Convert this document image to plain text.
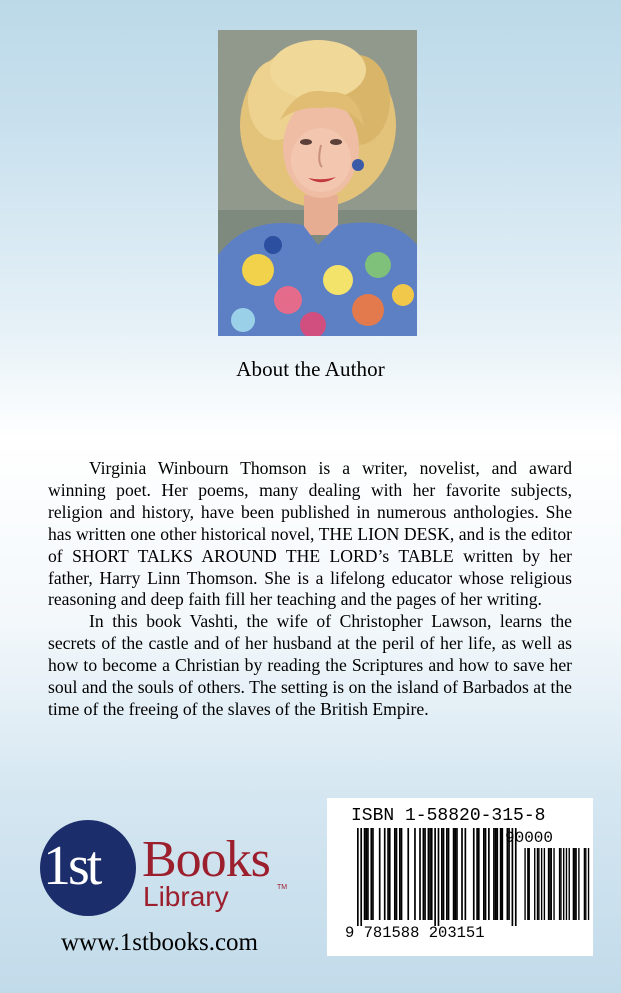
About the Author

Virginia Winbourn Thomson is a writer, novelist, and award winning poet. Her poems, many dealing with her favorite subjects, religion and history, have been published in numerous anthologies. She has written one other historical novel, THE LION DESK, and is the editor of SHORT TALKS AROUND THE LORD’s TABLE written by her father, Harry Linn Thomson. She is a lifelong educator whose religious reasoning and deep faith fill her teaching and the pages of her writing.

In this book Vashti, the wife of Christopher Lawson, learns the secrets of the castle and of her husband at the peril of her life, as well as how to become a Christian by reading the Scriptures and how to save her soul and the souls of others. The setting is on the island of Barbados at the time of the freeing of the slaves of the British Empire.

1st Books
Library	TM
www.1stbooks.com
ISBN 1-58820-315-8
90000
9 781588 203151
